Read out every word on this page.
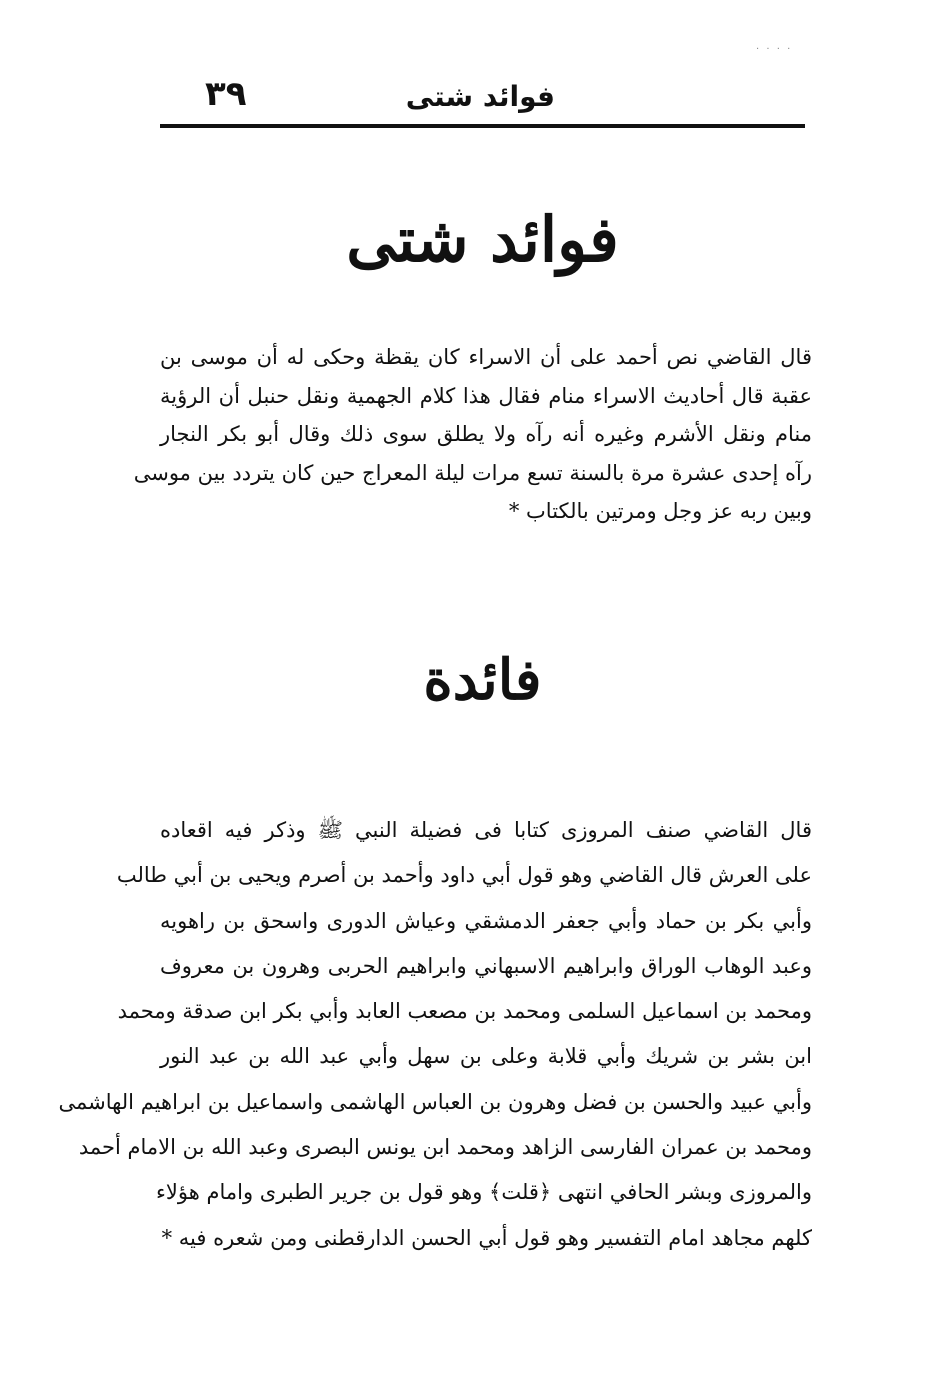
· · · ·
فوائد شتى
٣٩
فوائد شتى
قال القاضي نص أحمد على أن الاسراء كان يقظة وحكى له أن موسى بن
عقبة قال أحاديث الاسراء منام فقال هذا كلام الجهمية ونقل حنبل أن الرؤية
منام ونقل الأشرم وغيره أنه رآه ولا يطلق سوى ذلك وقال أبو بكر النجار
رآه إحدى عشرة مرة بالسنة تسع مرات ليلة المعراج حين كان يتردد بين موسى
وبين ربه عز وجل ومرتين بالكتاب *
فائدة
قال القاضي صنف المروزى كتابا فى فضيلة النبي ﷺ وذكر فيه اقعاده
على العرش قال القاضي وهو قول أبي داود وأحمد بن أصرم ويحيى بن أبي طالب
وأبي بكر بن حماد وأبي جعفر الدمشقي وعياش الدورى واسحق بن راهويه
وعبد الوهاب الوراق وابراهيم الاسبهاني وابراهيم الحربى وهرون بن معروف
ومحمد بن اسماعيل السلمى ومحمد بن مصعب العابد وأبي بكر ابن صدقة ومحمد
ابن بشر بن شريك وأبي قلابة وعلى بن سهل وأبي عبد الله بن عبد النور
وأبي عبيد والحسن بن فضل وهرون بن العباس الهاشمى واسماعيل بن ابراهيم الهاشمى
ومحمد بن عمران الفارسى الزاهد ومحمد ابن يونس البصرى وعبد الله بن الامام أحمد
والمروزى وبشر الحافي انتهى ﴿قلت﴾ وهو قول بن جرير الطبرى وامام هؤلاء
كلهم مجاهد امام التفسير وهو قول أبي الحسن الدارقطنى ومن شعره فيه *
